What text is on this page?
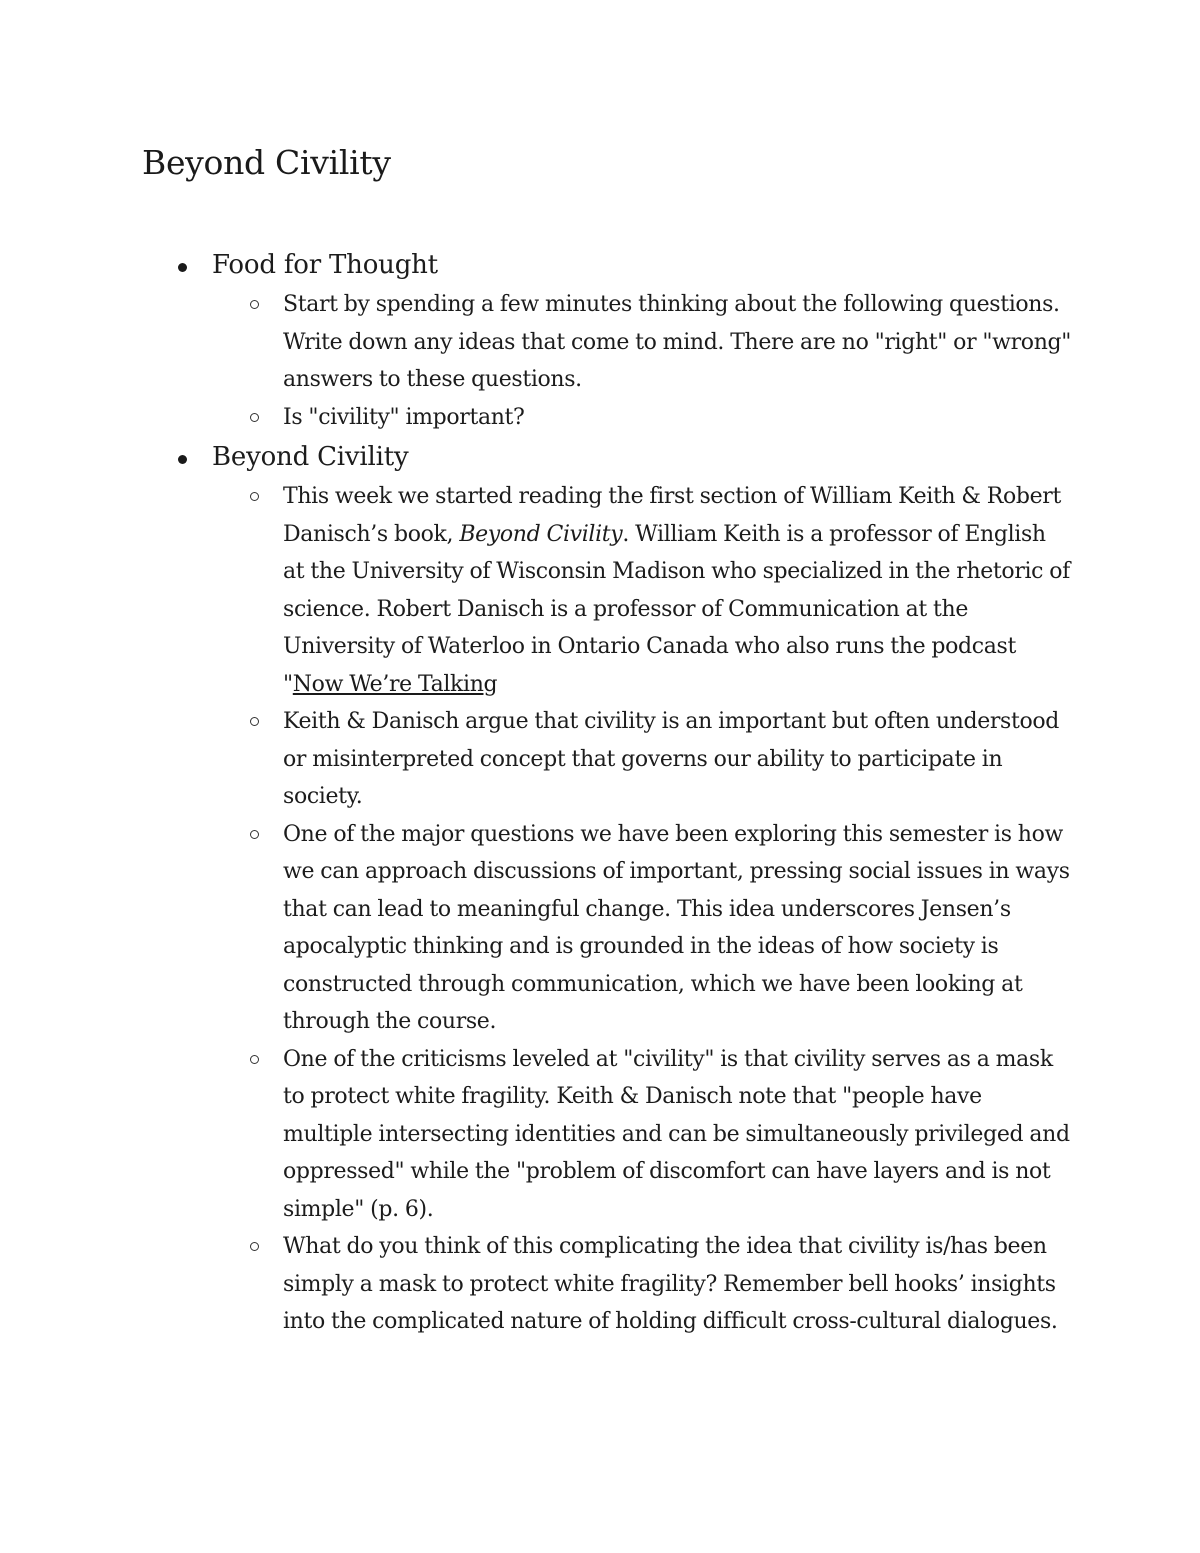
Beyond Civility
Food for Thought
Start by spending a few minutes thinking about the following questions. Write down any ideas that come to mind. There are no "right" or "wrong" answers to these questions.
Is "civility" important?
Beyond Civility
This week we started reading the first section of William Keith & Robert Danisch’s book, Beyond Civility. William Keith is a professor of English at the University of Wisconsin Madison who specialized in the rhetoric of science. Robert Danisch is a professor of Communication at the University of Waterloo in Ontario Canada who also runs the podcast "Now We’re Talking
Keith & Danisch argue that civility is an important but often understood or misinterpreted concept that governs our ability to participate in society.
One of the major questions we have been exploring this semester is how we can approach discussions of important, pressing social issues in ways that can lead to meaningful change. This idea underscores Jensen’s apocalyptic thinking and is grounded in the ideas of how society is constructed through communication, which we have been looking at through the course.
One of the criticisms leveled at "civility" is that civility serves as a mask to protect white fragility. Keith & Danisch note that "people have multiple intersecting identities and can be simultaneously privileged and oppressed" while the "problem of discomfort can have layers and is not simple" (p. 6).
What do you think of this complicating the idea that civility is/has been simply a mask to protect white fragility? Remember bell hooks’ insights into the complicated nature of holding difficult cross-cultural dialogues.
